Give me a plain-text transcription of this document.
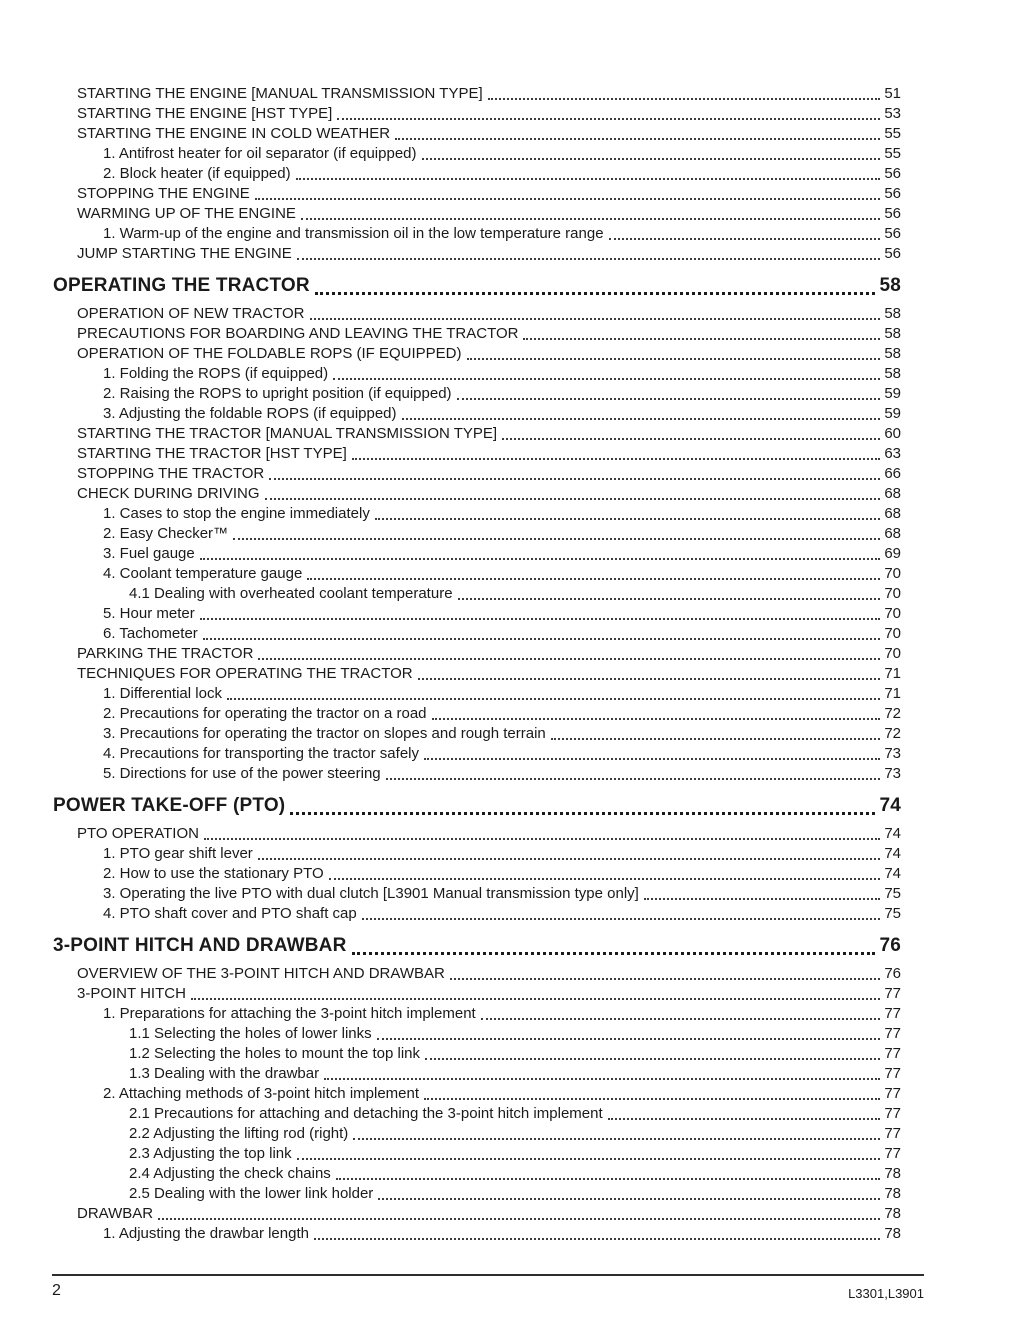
STARTING THE ENGINE [MANUAL TRANSMISSION TYPE]	51
STARTING THE ENGINE [HST TYPE]	53
STARTING THE ENGINE IN COLD WEATHER	55
1. Antifrost heater for oil separator (if equipped)	55
2. Block heater (if equipped)	56
STOPPING THE ENGINE	56
WARMING UP OF THE ENGINE	56
1. Warm-up of the engine and transmission oil in the low temperature range	56
JUMP STARTING THE ENGINE	56
OPERATING THE TRACTOR	58
OPERATION OF NEW TRACTOR	58
PRECAUTIONS FOR BOARDING AND LEAVING THE TRACTOR	58
OPERATION OF THE FOLDABLE ROPS (IF EQUIPPED)	58
1. Folding the ROPS (if equipped)	58
2. Raising the ROPS to upright position (if equipped)	59
3. Adjusting the foldable ROPS (if equipped)	59
STARTING THE TRACTOR [MANUAL TRANSMISSION TYPE]	60
STARTING THE TRACTOR [HST TYPE]	63
STOPPING THE TRACTOR	66
CHECK DURING DRIVING	68
1. Cases to stop the engine immediately	68
2. Easy Checker™	68
3. Fuel gauge	69
4. Coolant temperature gauge	70
4.1 Dealing with overheated coolant temperature	70
5. Hour meter	70
6. Tachometer	70
PARKING THE TRACTOR	70
TECHNIQUES FOR OPERATING THE TRACTOR	71
1. Differential lock	71
2. Precautions for operating the tractor on a road	72
3. Precautions for operating the tractor on slopes and rough terrain	72
4. Precautions for transporting the tractor safely	73
5. Directions for use of the power steering	73
POWER TAKE-OFF (PTO)	74
PTO OPERATION	74
1. PTO gear shift lever	74
2. How to use the stationary PTO	74
3. Operating the live PTO with dual clutch [L3901 Manual transmission type only]	75
4. PTO shaft cover and PTO shaft cap	75
3-POINT HITCH AND DRAWBAR	76
OVERVIEW OF THE 3-POINT HITCH AND DRAWBAR	76
3-POINT HITCH	77
1. Preparations for attaching the 3-point hitch implement	77
1.1 Selecting the holes of lower links	77
1.2 Selecting the holes to mount the top link	77
1.3 Dealing with the drawbar	77
2. Attaching methods of 3-point hitch implement	77
2.1 Precautions for attaching and detaching the 3-point hitch implement	77
2.2 Adjusting the lifting rod (right)	77
2.3 Adjusting the top link	77
2.4 Adjusting the check chains	78
2.5 Dealing with the lower link holder	78
DRAWBAR	78
1. Adjusting the drawbar length	78
2	L3301,L3901
